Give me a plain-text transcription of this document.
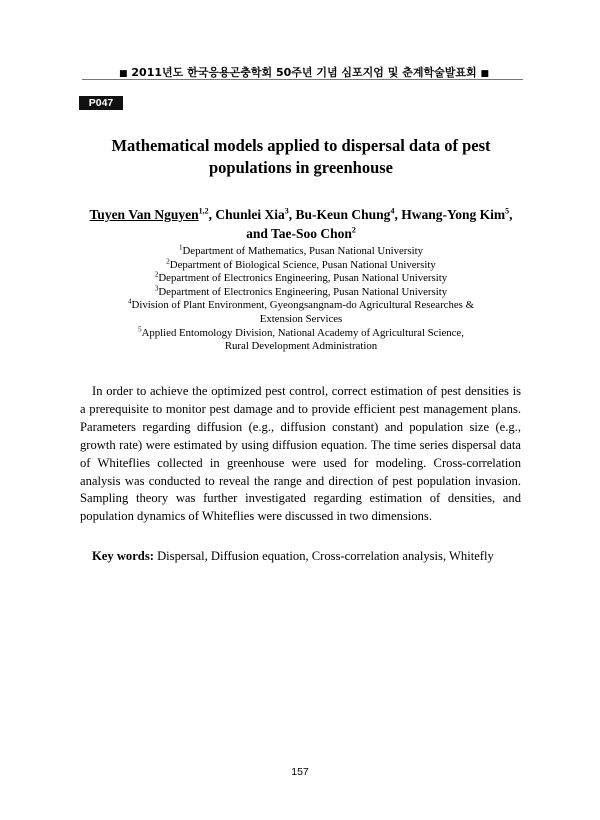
■ 2011년도 한국응용곤충학회 50주년 기념 심포지엄 및 춘계학술발표회 ■
P047
Mathematical models applied to dispersal data of pest
populations in greenhouse
Tuyen Van Nguyen$^{1,2}$, Chunlei Xia$^3$, Bu-Keun Chung$^4$, Hwang-Yong Kim$^5$,
and Tae-Soo Chon$^2$
$^1$Department of Mathematics, Pusan National University
$^2$Department of Biological Science, Pusan National University
$^2$Department of Electronics Engineering, Pusan National University
$^3$Department of Electronics Engineering, Pusan National University
$^4$Division of Plant Environment, Gyeongsangnam-do Agricultural Researches &
Extension Services
$^5$Applied Entomology Division, National Academy of Agricultural Science,
Rural Development Administration
In order to achieve the optimized pest control, correct estimation of pest densities is a prerequisite to monitor pest damage and to provide efficient pest management plans. Parameters regarding diffusion (e.g., diffusion constant) and population size (e.g., growth rate) were estimated by using diffusion equation. The time series dispersal data of Whiteflies collected in greenhouse were used for modeling. Cross-correlation analysis was conducted to reveal the range and direction of pest population invasion. Sampling theory was further investigated regarding estimation of densities, and population dynamics of Whiteflies were discussed in two dimensions.
Key words: Dispersal, Diffusion equation, Cross-correlation analysis, Whitefly
157
